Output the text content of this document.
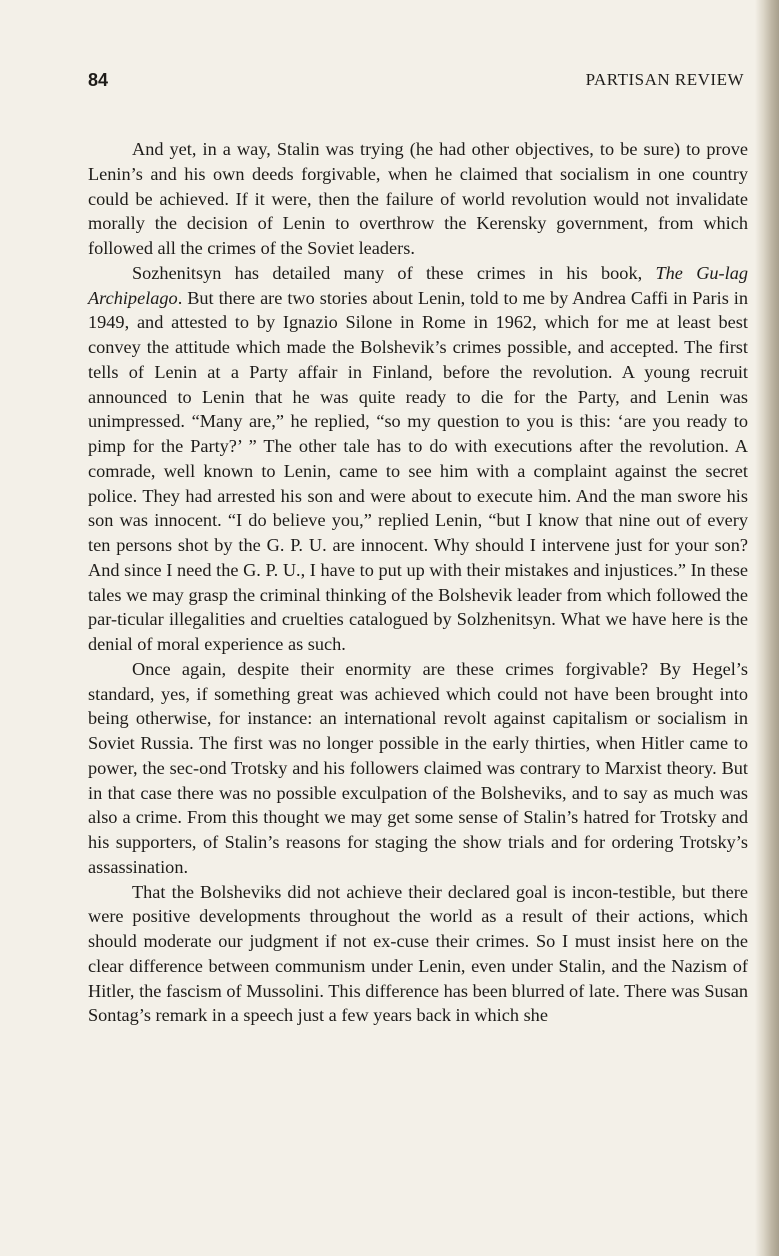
84	PARTISAN REVIEW

And yet, in a way, Stalin was trying (he had other objectives, to be sure) to prove Lenin’s and his own deeds forgivable, when he claimed that socialism in one country could be achieved. If it were, then the failure of world revolution would not invalidate morally the decision of Lenin to overthrow the Kerensky government, from which followed all the crimes of the Soviet leaders.

Sozhenitsyn has detailed many of these crimes in his book, The Gu-lag Archipelago. But there are two stories about Lenin, told to me by Andrea Caffi in Paris in 1949, and attested to by Ignazio Silone in Rome in 1962, which for me at least best convey the attitude which made the Bolshevik’s crimes possible, and accepted. The first tells of Lenin at a Party affair in Finland, before the revolution. A young recruit announced to Lenin that he was quite ready to die for the Party, and Lenin was unimpressed. “Many are,” he replied, “so my question to you is this: ‘are you ready to pimp for the Party?’ ” The other tale has to do with executions after the revolution. A comrade, well known to Lenin, came to see him with a complaint against the secret police. They had arrested his son and were about to execute him. And the man swore his son was innocent. “I do believe you,” replied Lenin, “but I know that nine out of every ten persons shot by the G. P. U. are innocent. Why should I intervene just for your son? And since I need the G. P. U., I have to put up with their mistakes and injustices.” In these tales we may grasp the criminal thinking of the Bolshevik leader from which followed the par-ticular illegalities and cruelties catalogued by Solzhenitsyn. What we have here is the denial of moral experience as such.

Once again, despite their enormity are these crimes forgivable? By Hegel’s standard, yes, if something great was achieved which could not have been brought into being otherwise, for instance: an international revolt against capitalism or socialism in Soviet Russia. The first was no longer possible in the early thirties, when Hitler came to power, the sec-ond Trotsky and his followers claimed was contrary to Marxist theory. But in that case there was no possible exculpation of the Bolsheviks, and to say as much was also a crime. From this thought we may get some sense of Stalin’s hatred for Trotsky and his supporters, of Stalin’s reasons for staging the show trials and for ordering Trotsky’s assassination.

That the Bolsheviks did not achieve their declared goal is incon-testible, but there were positive developments throughout the world as a result of their actions, which should moderate our judgment if not ex-cuse their crimes. So I must insist here on the clear difference between communism under Lenin, even under Stalin, and the Nazism of Hitler, the fascism of Mussolini. This difference has been blurred of late. There was Susan Sontag’s remark in a speech just a few years back in which she
